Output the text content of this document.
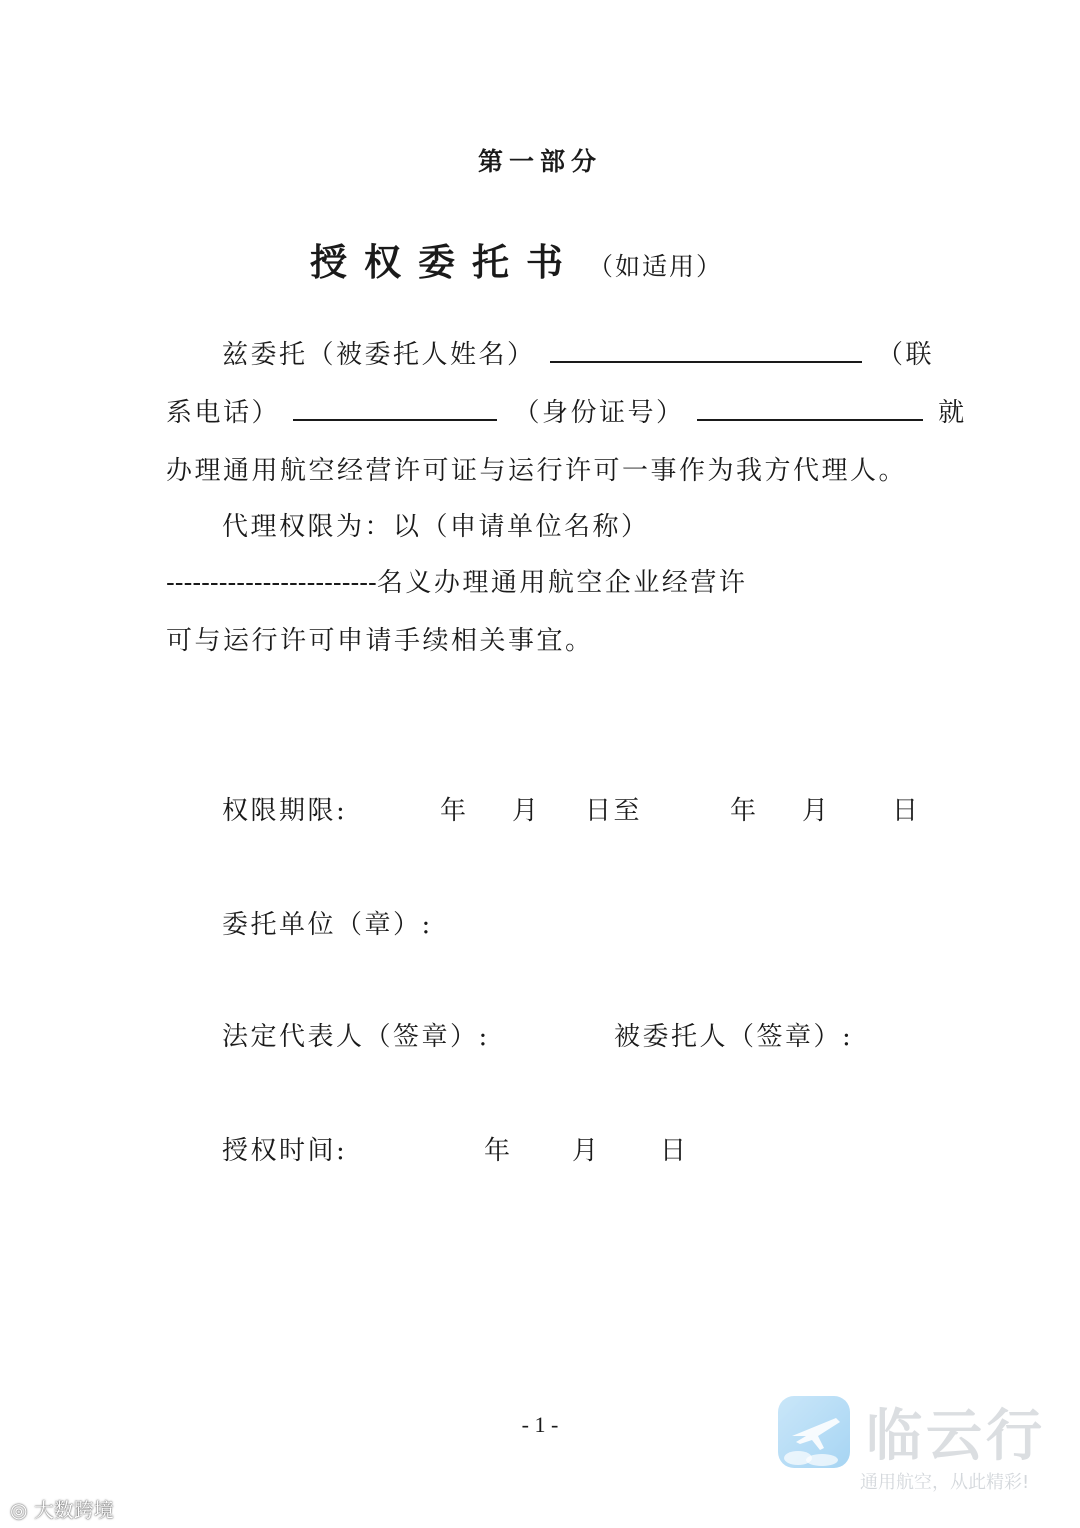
第一部分
授权委托书 （如适用）
兹委托（被委托人姓名）	（联
系电话）	（身份证号）	就
办理通用航空经营许可证与运行许可一事作为我方代理人。
代理权限为：以（申请单位名称）
------------------------名义办理通用航空企业经营许
可与运行许可申请手续相关事宜。
权限期限:	年 月 日至	年 月 日
委托单位（章）:
法定代表人（签章）:	被委托人（签章）:
授权时间:	年 月 日
- 1 -	临云行
通用航空，从此精彩!
◎ 大数跨境
